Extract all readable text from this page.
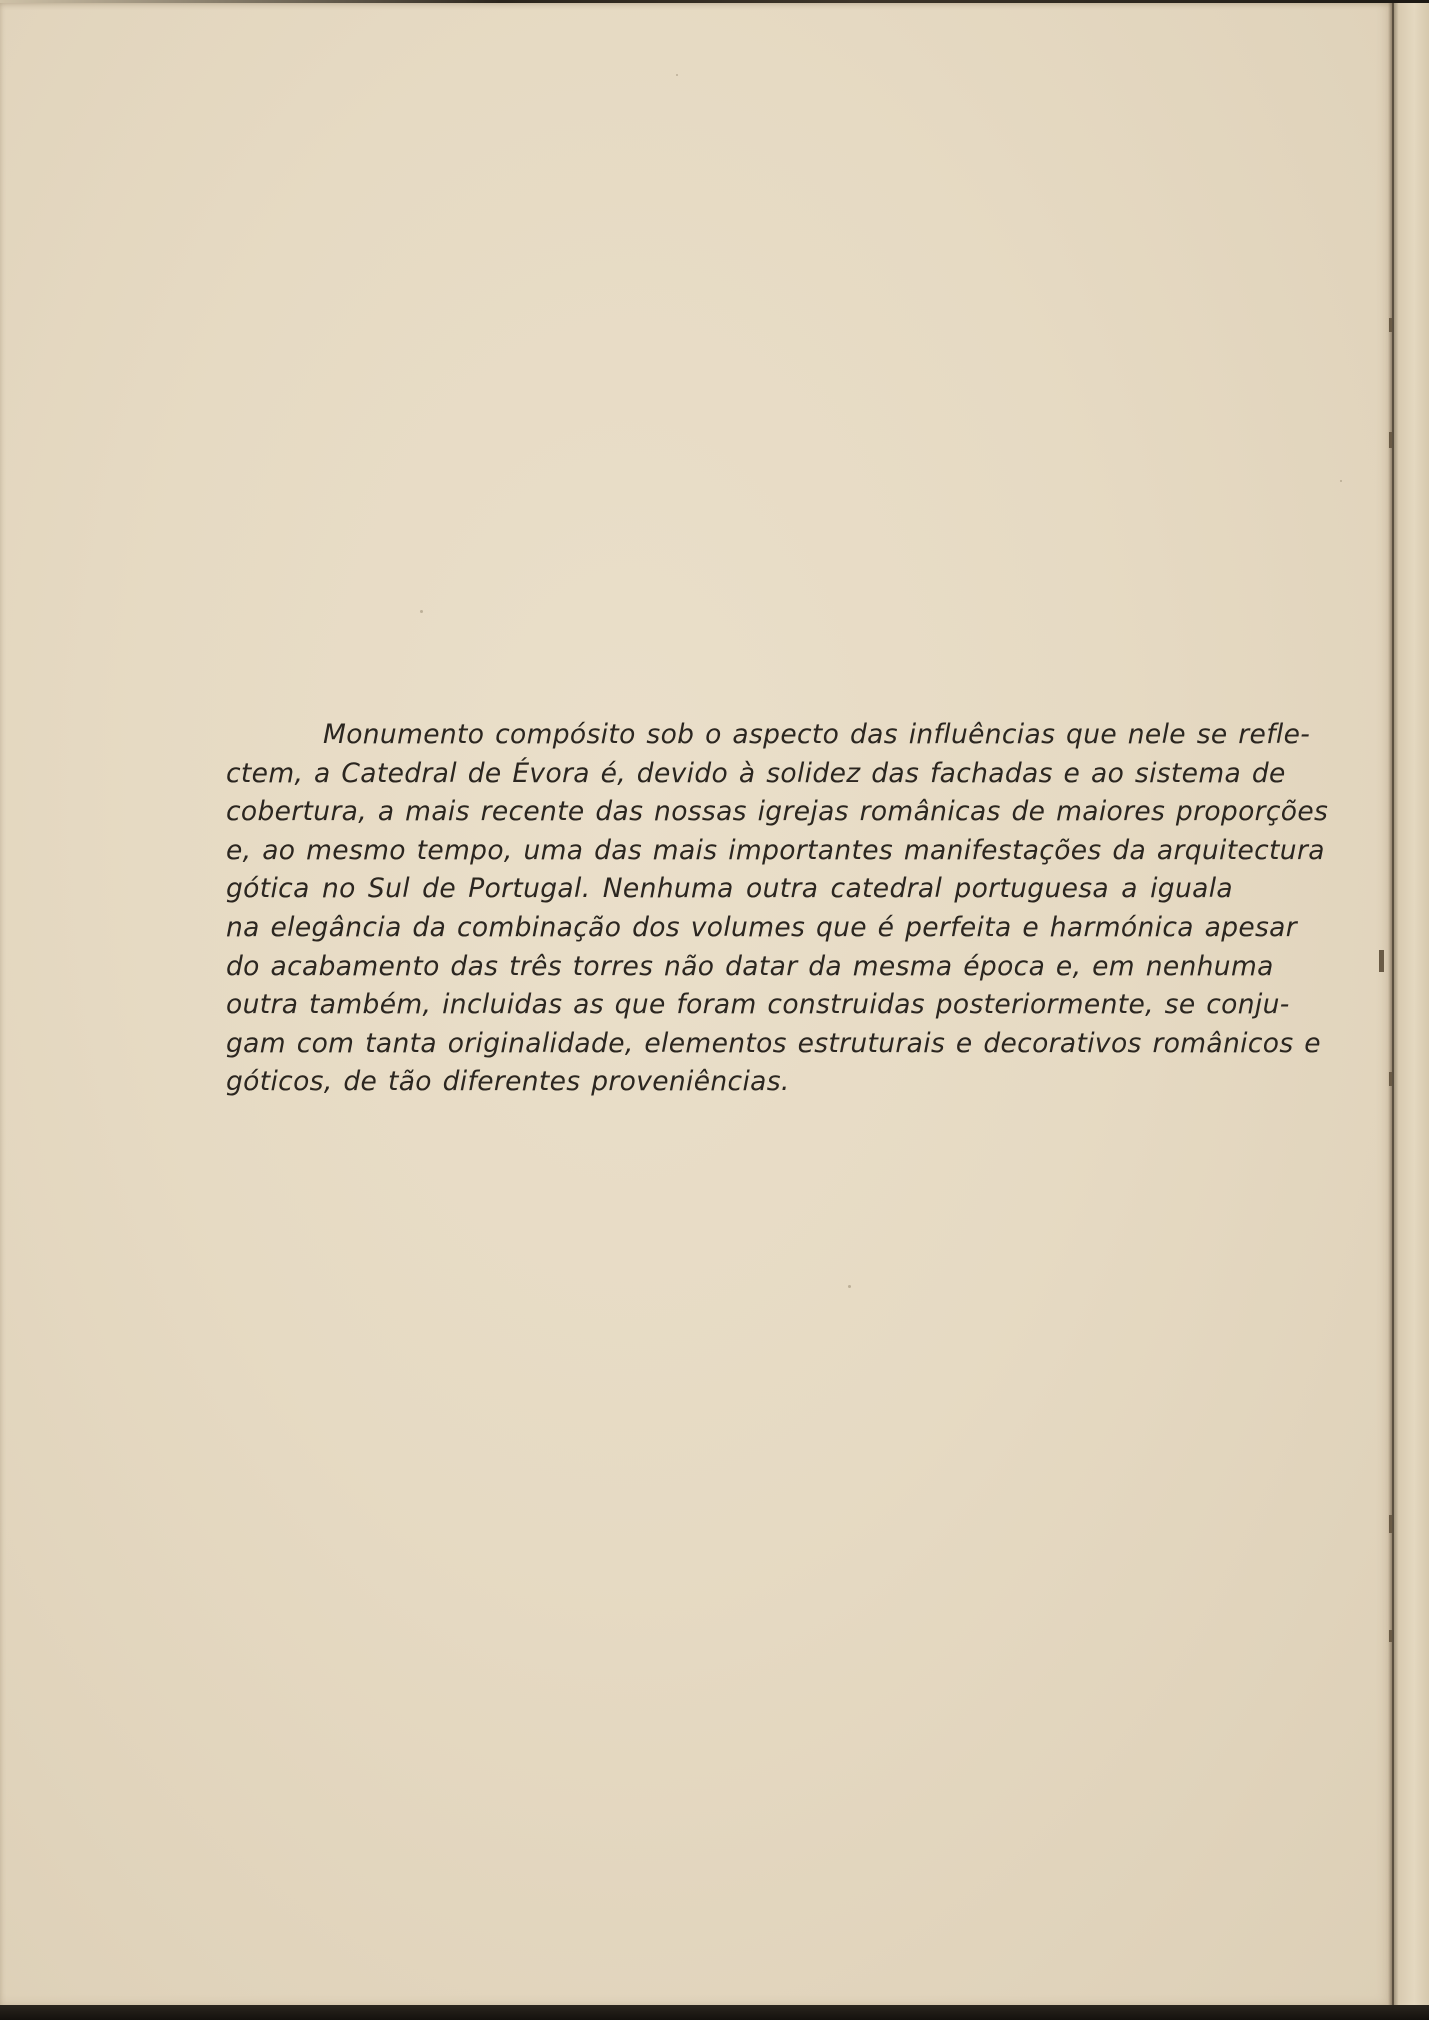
Monumento compósito sob o aspecto das influências que nele se refle-
ctem, a Catedral de Évora é, devido à solidez das fachadas e ao sistema de
cobertura, a mais recente das nossas igrejas românicas de maiores proporções
e, ao mesmo tempo, uma das mais importantes manifestações da arquitectura
gótica no Sul de Portugal. Nenhuma outra catedral portuguesa a iguala
na elegância da combinação dos volumes que é perfeita e harmónica apesar
do acabamento das três torres não datar da mesma época e, em nenhuma
outra também, incluidas as que foram construidas posteriormente, se conju-
gam com tanta originalidade, elementos estruturais e decorativos românicos e
góticos, de tão diferentes proveniências.
